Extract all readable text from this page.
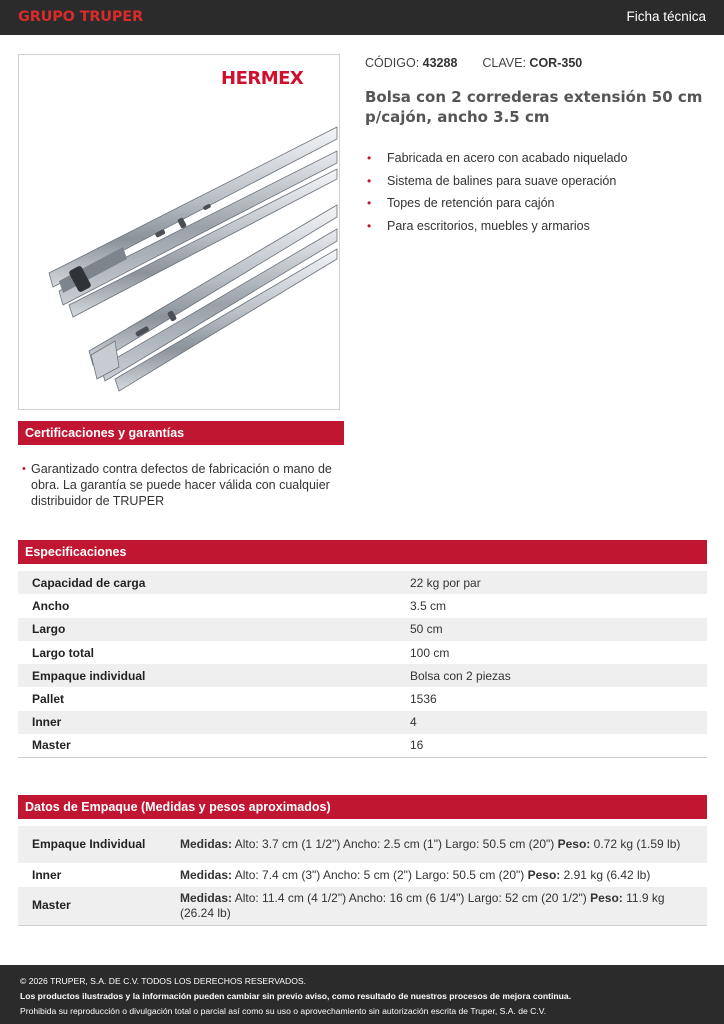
GRUPO TRUPER	Ficha técnica
HERMEX
CÓDIGO: 43288 CLAVE: COR-350
Bolsa con 2 correderas extensión 50 cm p/cajón, ancho 3.5 cm
• Fabricada en acero con acabado niquelado
• Sistema de balines para suave operación
• Topes de retención para cajón
• Para escritorios, muebles y armarios
Certificaciones y garantías
• Garantizado contra defectos de fabricación o mano de obra. La garantía se puede hacer válida con cualquier distribuidor de TRUPER
Especificaciones
Capacidad de carga	22 kg por par
Ancho	3.5 cm
Largo	50 cm
Largo total	100 cm
Empaque individual	Bolsa con 2 piezas
Pallet	1536
Inner	4
Master	16
Datos de Empaque (Medidas y pesos aproximados)
Empaque Individual	Medidas: Alto: 3.7 cm (1 1/2") Ancho: 2.5 cm (1") Largo: 50.5 cm (20") Peso: 0.72 kg (1.59 lb)
Inner	Medidas: Alto: 7.4 cm (3") Ancho: 5 cm (2") Largo: 50.5 cm (20") Peso: 2.91 kg (6.42 lb)
Master	Medidas: Alto: 11.4 cm (4 1/2") Ancho: 16 cm (6 1/4") Largo: 52 cm (20 1/2") Peso: 11.9 kg (26.24 lb)
© 2026 TRUPER, S.A. DE C.V. TODOS LOS DERECHOS RESERVADOS.
Los productos ilustrados y la información pueden cambiar sin previo aviso, como resultado de nuestros procesos de mejora continua.
Prohibida su reproducción o divulgación total o parcial así como su uso o aprovechamiento sin autorización escrita de Truper, S.A. de C.V.
